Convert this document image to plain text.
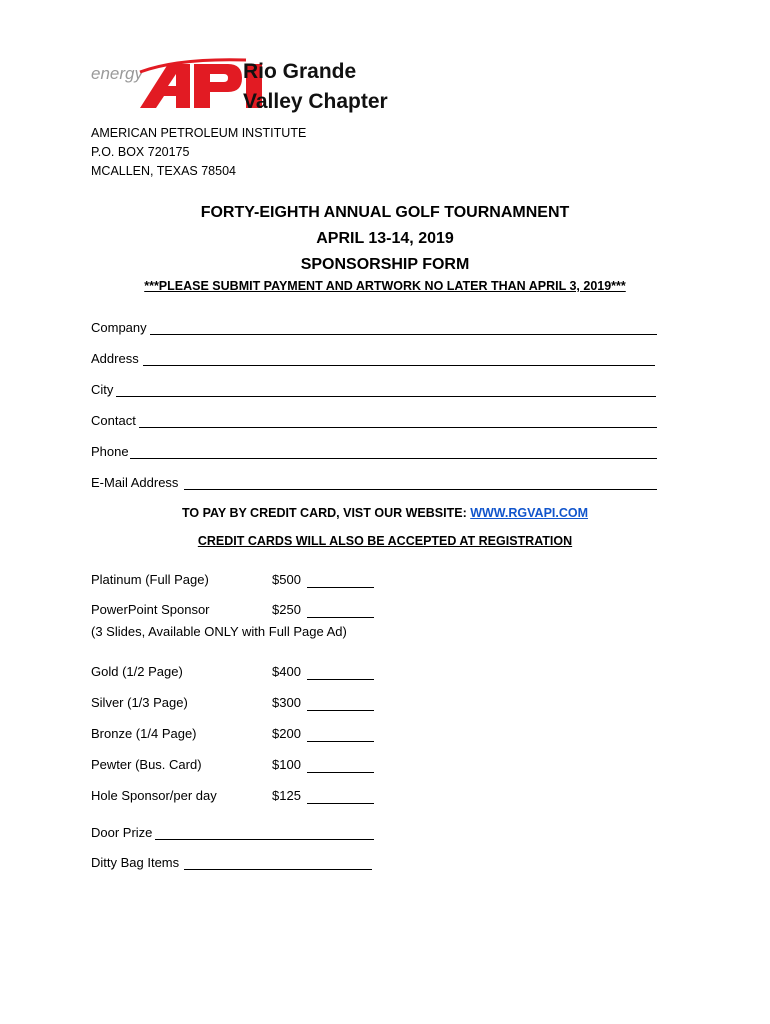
energy	Rio Grande
Valley Chapter
AMERICAN PETROLEUM INSTITUTE
P.O. BOX 720175
MCALLEN, TEXAS 78504
FORTY-EIGHTH ANNUAL GOLF TOURNAMNENT
APRIL 13-14, 2019
SPONSORSHIP FORM
***PLEASE SUBMIT PAYMENT AND ARTWORK NO LATER THAN APRIL 3, 2019***
Company
Address
City
Contact
Phone
E-Mail Address
TO PAY BY CREDIT CARD, VIST OUR WEBSITE: WWW.RGVAPI.COM
CREDIT CARDS WILL ALSO BE ACCEPTED AT REGISTRATION
Platinum (Full Page)	$500
PowerPoint Sponsor	$250
(3 Slides, Available ONLY with Full Page Ad)
Gold (1/2 Page)	$400
Silver (1/3 Page)	$300
Bronze (1/4 Page)	$200
Pewter (Bus. Card)	$100
Hole Sponsor/per day	$125
Door Prize
Ditty Bag Items
